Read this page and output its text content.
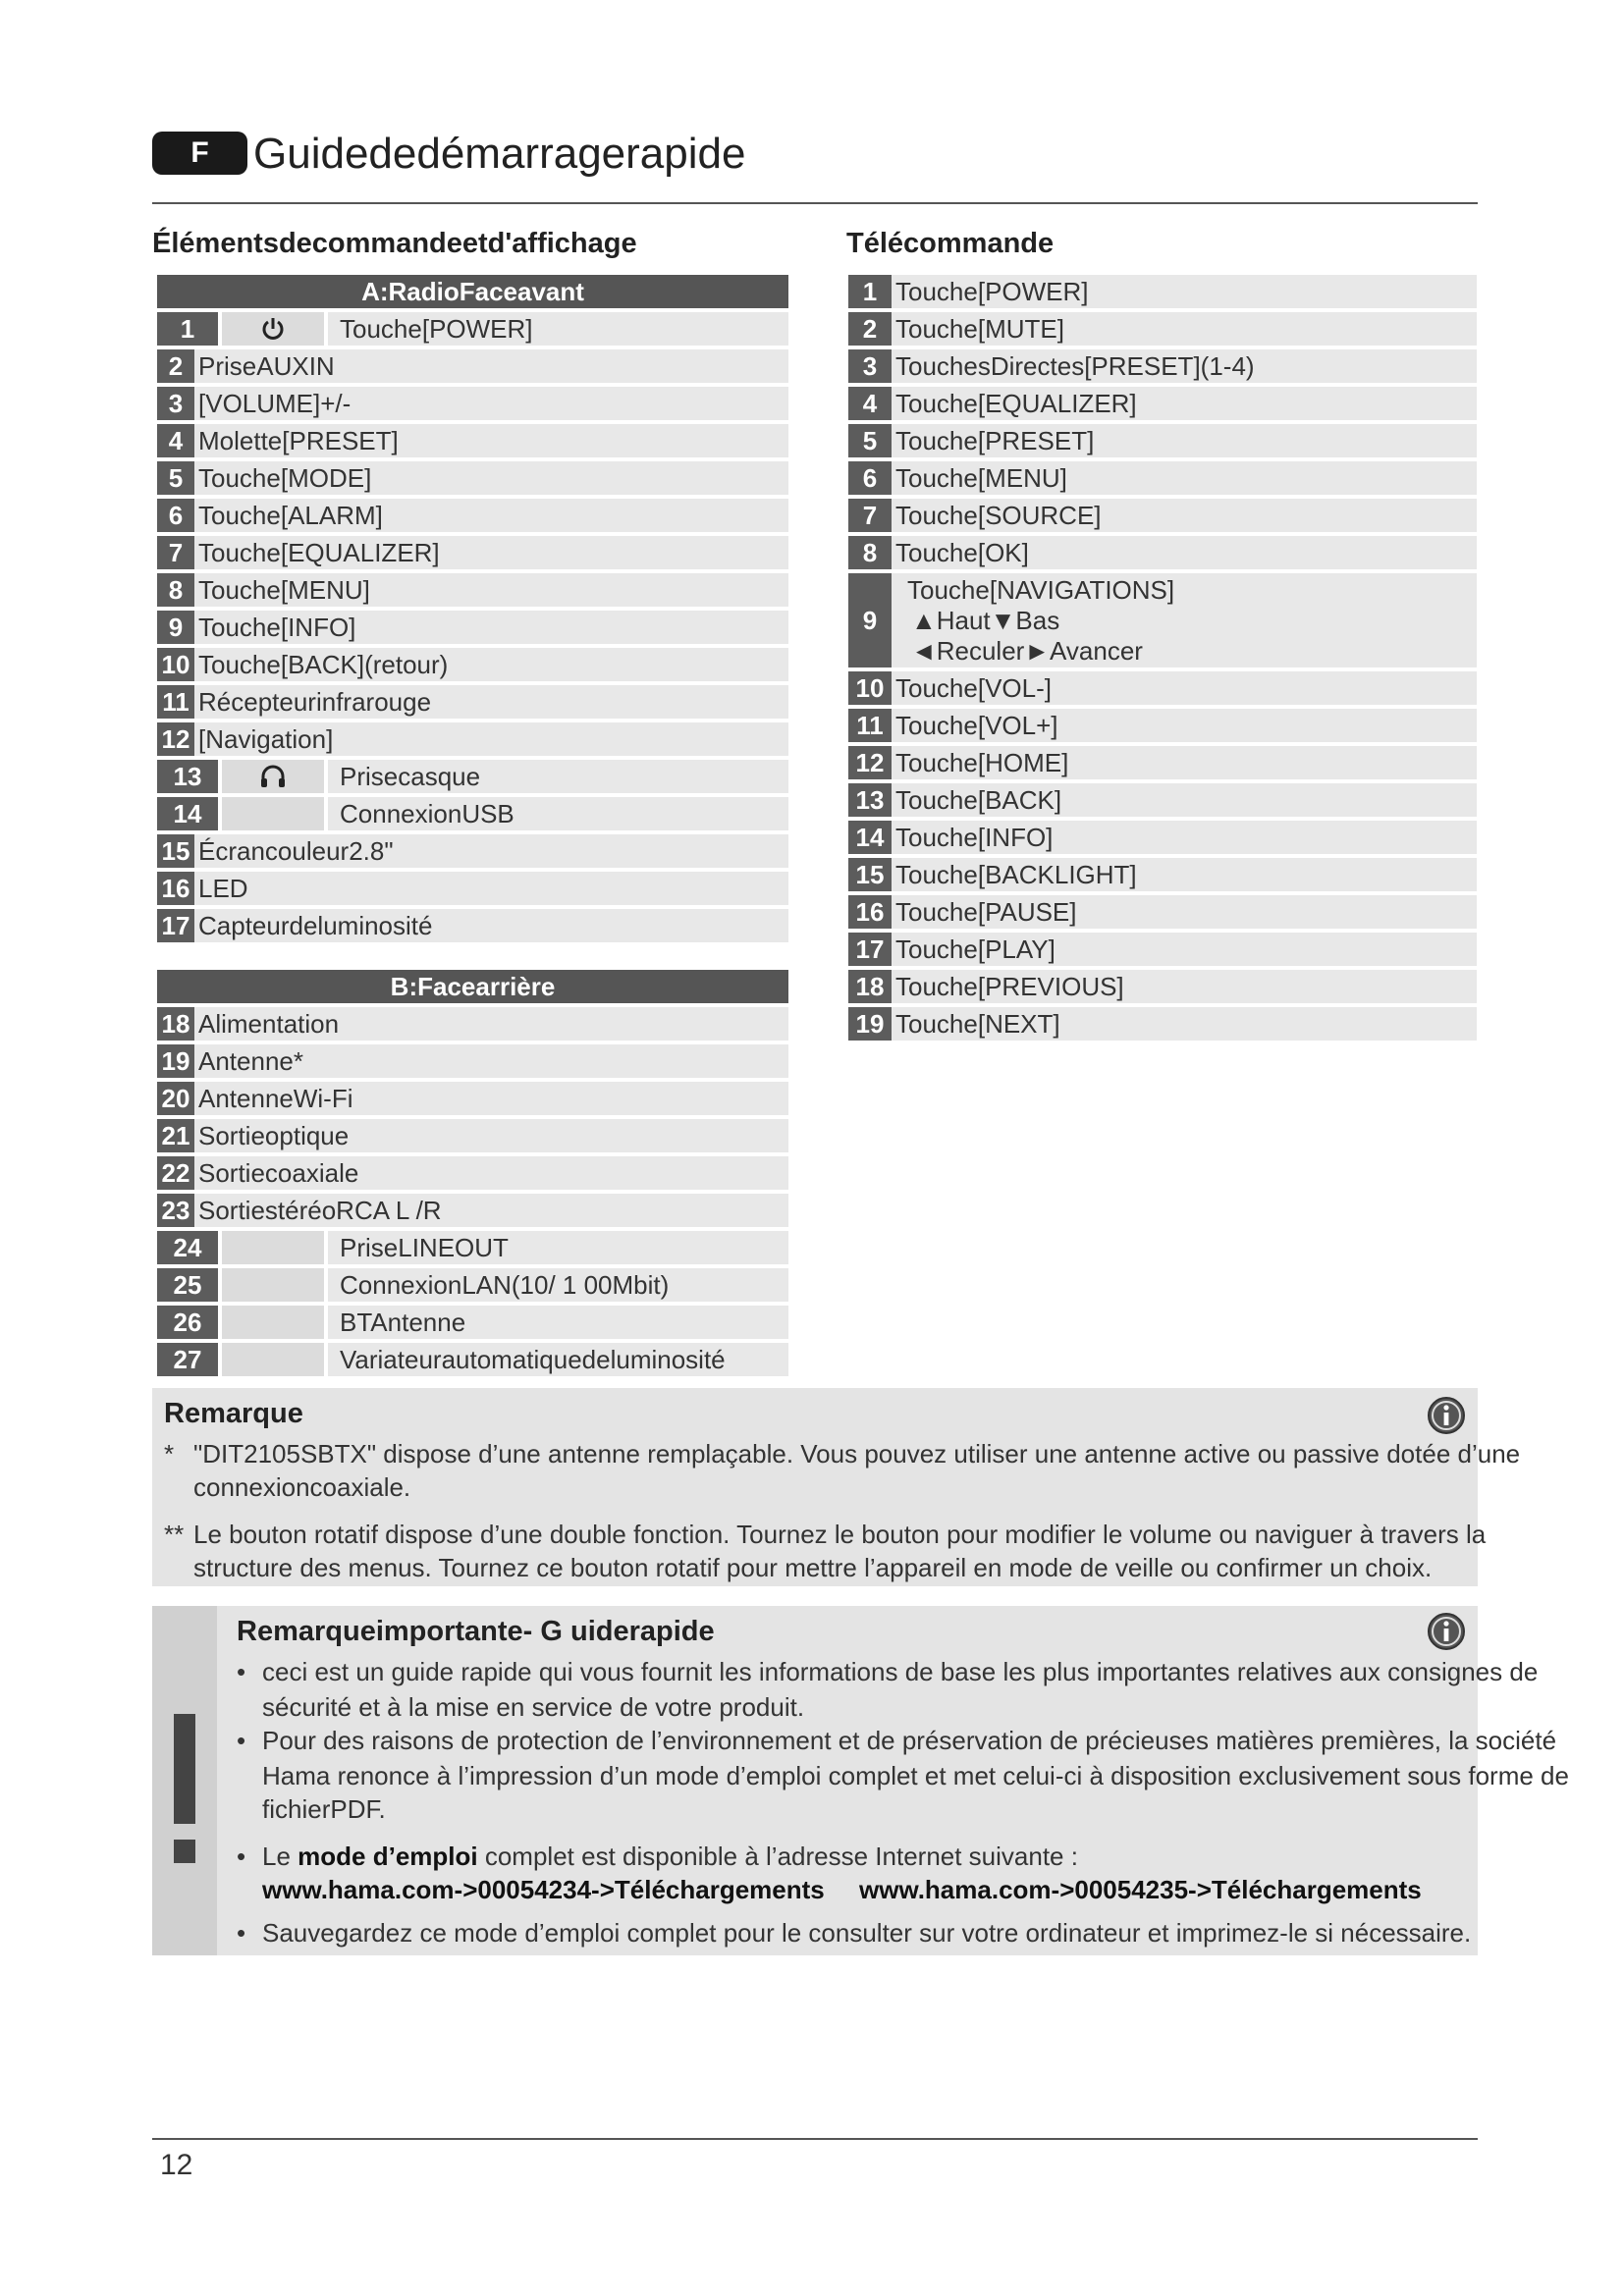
F	Guidededémarragerapide
Élémentsdecommandeetd'affichage	Télécommande
A:RadioFaceavant
1	Touche[POWER]
2 PriseAUXIN
3 [VOLUME]+/-
4 Molette[PRESET]
5 Touche[MODE]
6 Touche[ALARM]
7 Touche[EQUALIZER]
8 Touche[MENU]
9 Touche[INFO]
10 Touche[BACK](retour)
11 Récepteurinfrarouge
12 [Navigation]
13	Prisecasque
14	ConnexionUSB
15 Écrancouleur2.8"
16 LED
17 Capteurdeluminosité
B:Facearrière
18 Alimentation
19 Antenne*
20 AntenneWi-Fi
21 Sortieoptique
22 Sortiecoaxiale
23 SortiestéréoRCA L /R
24	PriseLINEOUT
25	ConnexionLAN(10/ 1 00Mbit)
26	BTAntenne
27	Variateurautomatiquedeluminosité
1 Touche[POWER]
2 Touche[MUTE]
3 TouchesDirectes[PRESET](1-4)
4 Touche[EQUALIZER]
5 Touche[PRESET]
6 Touche[MENU]
7 Touche[SOURCE]
8 Touche[OK]
9
Touche[NAVIGATIONS]
▲Haut▼Bas
◄Reculer►Avancer
10 Touche[VOL-]
11 Touche[VOL+]
12 Touche[HOME]
13 Touche[BACK]
14 Touche[INFO]
15 Touche[BACKLIGHT]
16 Touche[PAUSE]
17 Touche[PLAY]
18 Touche[PREVIOUS]
19 Touche[NEXT]
Remarque
* "DIT2105SBTX" dispose d’une antenne remplaçable. Vous pouvez utiliser une antenne active ou passive dotée d’une
connexioncoaxiale.
** Le bouton rotatif dispose d’une double fonction. Tournez le bouton pour modifier le volume ou naviguer à travers la
structure des menus. Tournez ce bouton rotatif pour mettre l’appareil en mode de veille ou confirmer un choix.
Remarqueimportante- G uiderapide
• ceci est un guide rapide qui vous fournit les informations de base les plus importantes relatives aux consignes de
sécurité et à la mise en service de votre produit.
• Pour des raisons de protection de l’environnement et de préservation de précieuses matières premières, la société
Hama renonce à l’impression d’un mode d’emploi complet et met celui-ci à disposition exclusivement sous forme de
fichierPDF.
• Le mode d’emploi complet est disponible à l’adresse Internet suivante :
www.hama.com->00054234->Téléchargements www.hama.com->00054235->Téléchargements
• Sauvegardez ce mode d’emploi complet pour le consulter sur votre ordinateur et imprimez-le si nécessaire.
12
